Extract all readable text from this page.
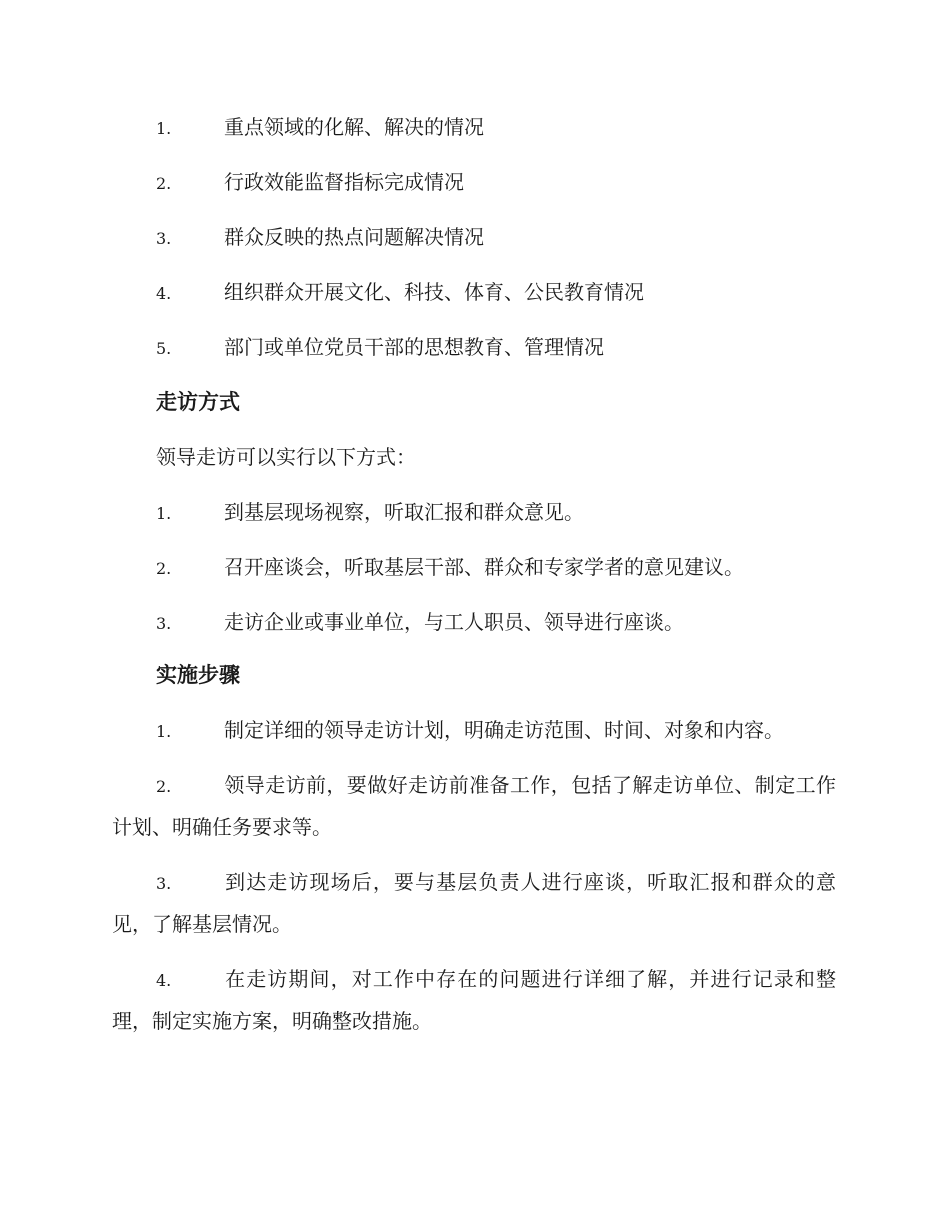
1.	重点领域的化解、解决的情况
2.	行政效能监督指标完成情况
3.	群众反映的热点问题解决情况
4.	组织群众开展文化、科技、体育、公民教育情况
5.	部门或单位党员干部的思想教育、管理情况
走访方式
领导走访可以实行以下方式：
1.	到基层现场视察，听取汇报和群众意见。
2.	召开座谈会，听取基层干部、群众和专家学者的意见建议。
3.	走访企业或事业单位，与工人职员、领导进行座谈。
实施步骤
1.	制定详细的领导走访计划，明确走访范围、时间、对象和内容。
2.	领导走访前，要做好走访前准备工作，包括了解走访单位、制定工作计划、明确任务要求等。
3.	到达走访现场后，要与基层负责人进行座谈，听取汇报和群众的意见，了解基层情况。
4.	在走访期间，对工作中存在的问题进行详细了解，并进行记录和整理，制定实施方案，明确整改措施。
